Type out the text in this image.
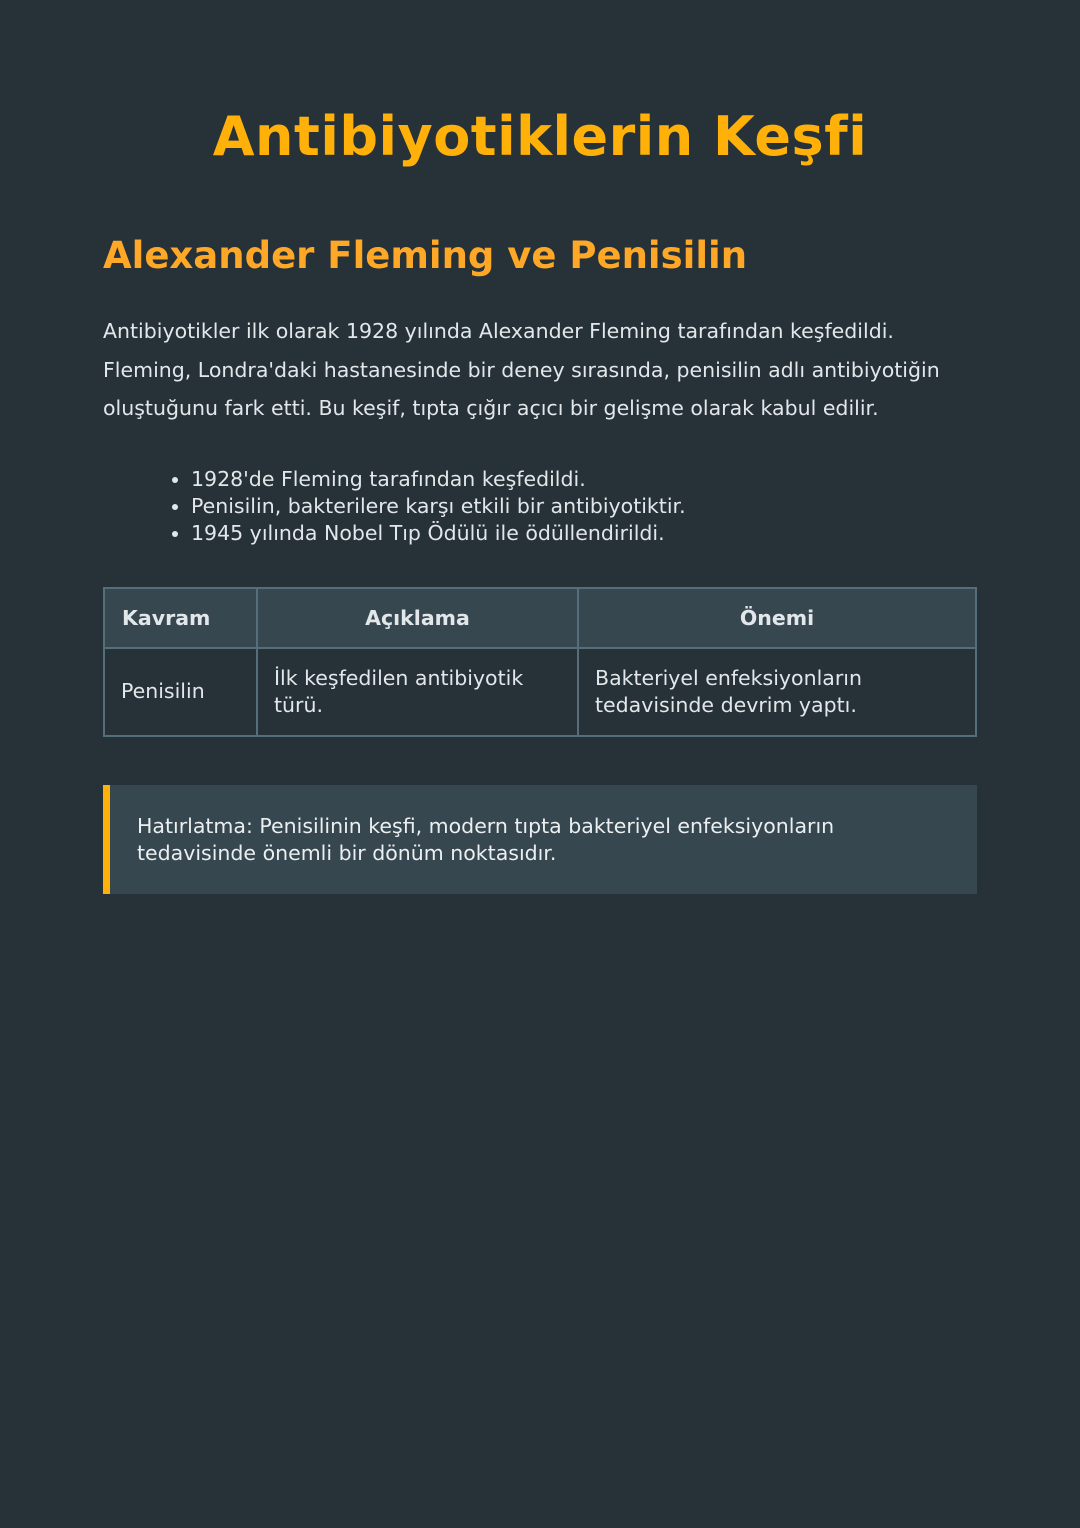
Antibiyotiklerin Keşfi
Alexander Fleming ve Penisilin

Antibiyotikler ilk olarak 1928 yılında Alexander Fleming tarafından keşfedildi. Fleming, Londra'daki hastanesinde bir deney sırasında, penisilin adlı antibiyotiğin oluştuğunu fark etti. Bu keşif, tıpta çığır açıcı bir gelişme olarak kabul edilir.

• 1928'de Fleming tarafından keşfedildi.
• Penisilin, bakterilere karşı etkili bir antibiyotiktir.
• 1945 yılında Nobel Tıp Ödülü ile ödüllendirildi.
Kavram	Açıklama	Önemi
Penisilin	İlk keşfedilen antibiyotik türü.	Bakteriyel enfeksiyonların tedavisinde devrim yaptı.
Hatırlatma: Penisilinin keşfi, modern tıpta bakteriyel enfeksiyonların tedavisinde önemli bir dönüm noktasıdır.
